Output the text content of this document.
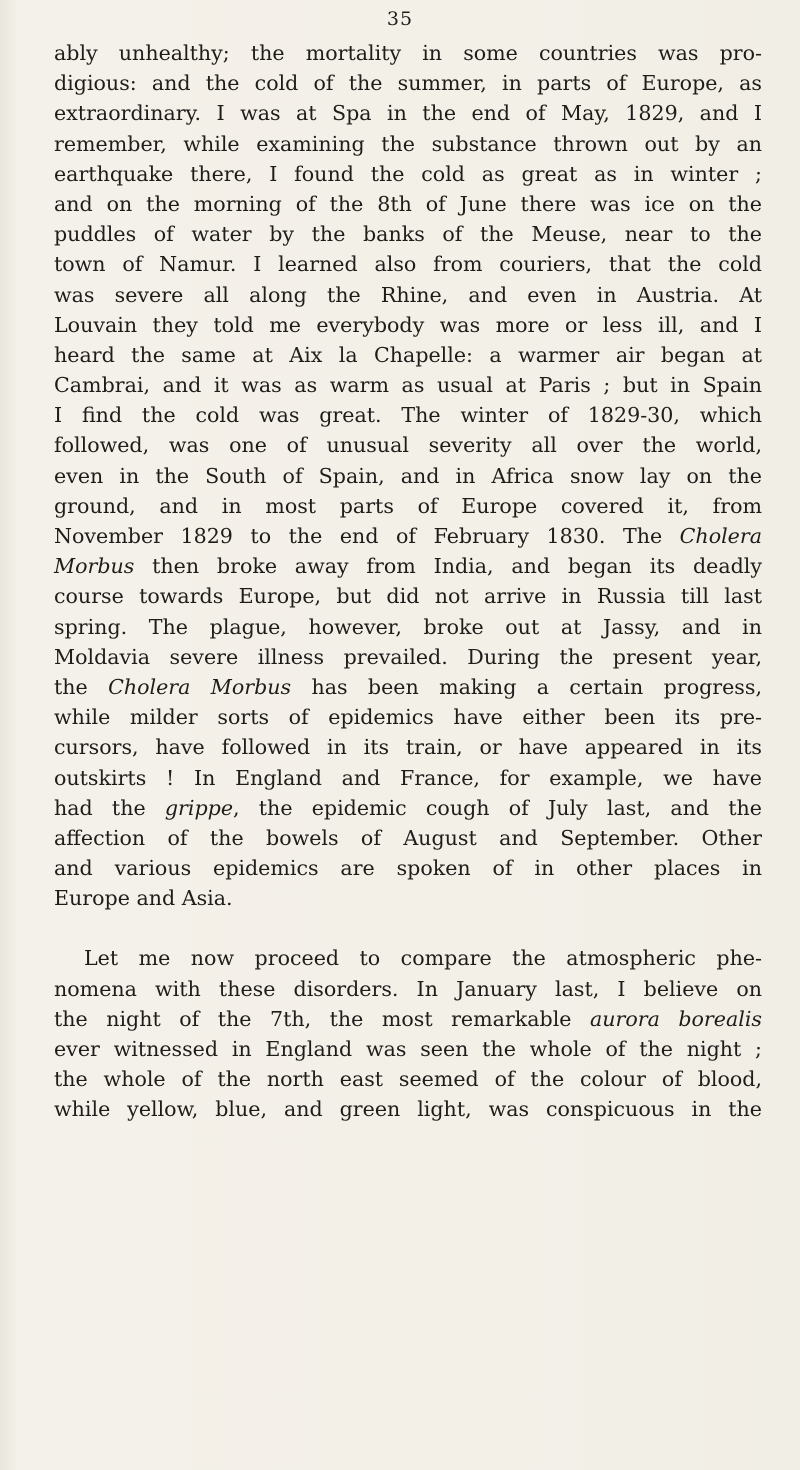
35
ably unhealthy; the mortality in some countries was pro-
digious: and the cold of the summer, in parts of Europe, as
extraordinary. I was at Spa in the end of May, 1829, and I
remember, while examining the substance thrown out by an
earthquake there, I found the cold as great as in winter ;
and on the morning of the 8th of June there was ice on the
puddles of water by the banks of the Meuse, near to the
town of Namur. I learned also from couriers, that the cold
was severe all along the Rhine, and even in Austria. At
Louvain they told me everybody was more or less ill, and I
heard the same at Aix la Chapelle: a warmer air began at
Cambrai, and it was as warm as usual at Paris ; but in Spain
I find the cold was great. The winter of 1829-30, which
followed, was one of unusual severity all over the world,
even in the South of Spain, and in Africa snow lay on the
ground, and in most parts of Europe covered it, from
November 1829 to the end of February 1830. The Cholera
Morbus then broke away from India, and began its deadly
course towards Europe, but did not arrive in Russia till last
spring. The plague, however, broke out at Jassy, and in
Moldavia severe illness prevailed. During the present year,
the Cholera Morbus has been making a certain progress,
while milder sorts of epidemics have either been its pre-
cursors, have followed in its train, or have appeared in its
outskirts ! In England and France, for example, we have
had the grippe, the epidemic cough of July last, and the
affection of the bowels of August and September. Other
and various epidemics are spoken of in other places in
Europe and Asia.
Let me now proceed to compare the atmospheric phe-
nomena with these disorders. In January last, I believe on
the night of the 7th, the most remarkable aurora borealis
ever witnessed in England was seen the whole of the night ;
the whole of the north east seemed of the colour of blood,
while yellow, blue, and green light, was conspicuous in the
